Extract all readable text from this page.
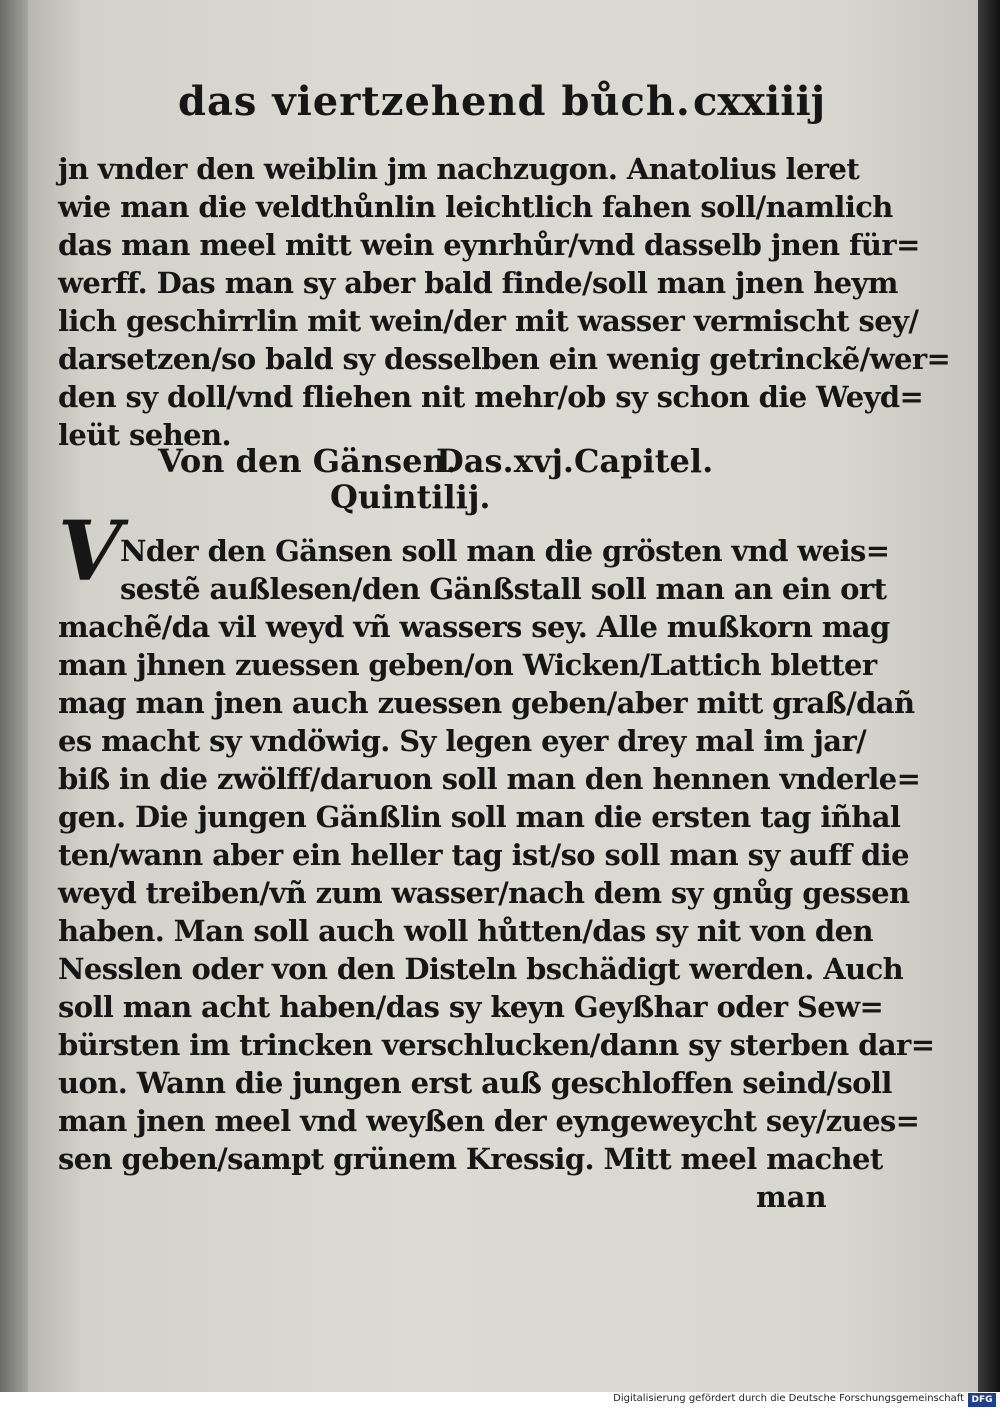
das viertzehend bůch. cxxiiij
jn vnder den weiblin jm nachzugon. Anatolius leret
wie man die veldthůnlin leichtlich fahen soll/namlich
das man meel mitt wein eynrhůr/vnd dasselb jnen für=
werff. Das man sy aber bald finde/soll man jnen heym
lich geschirrlin mit wein/der mit wasser vermischt sey/
darsetzen/so bald sy desselben ein wenig getrinckẽ/wer=
den sy doll/vnd fliehen nit mehr/ob sy schon die Weyd=
leüt sehen.
Von den Gänsen.
Das.xvj.Capitel.
Quintilij.
V
Nder den Gänsen soll man die grösten vnd weis=
sestẽ außlesen/den Gänßstall soll man an ein ort
machẽ/da vil weyd vñ wassers sey. Alle mußkorn mag
man jhnen zuessen geben/on Wicken/Lattich bletter
mag man jnen auch zuessen geben/aber mitt graß/dañ
es macht sy vndöwig. Sy legen eyer drey mal im jar/
biß in die zwölff/daruon soll man den hennen vnderle=
gen. Die jungen Gänßlin soll man die ersten tag iñhal
ten/wann aber ein heller tag ist/so soll man sy auff die
weyd treiben/vñ zum wasser/nach dem sy gnůg gessen
haben. Man soll auch woll hůtten/das sy nit von den
Nesslen oder von den Disteln bschädigt werden. Auch
soll man acht haben/das sy keyn Geyßhar oder Sew=
bürsten im trincken verschlucken/dann sy sterben dar=
uon. Wann die jungen erst auß geschloffen seind/soll
man jnen meel vnd weyßen der eyngeweycht sey/zues=
sen geben/sampt grünem Kressig. Mitt meel machet
man
Digitalisierung gefördert durch die Deutsche Forschungsgemeinschaft DFG
